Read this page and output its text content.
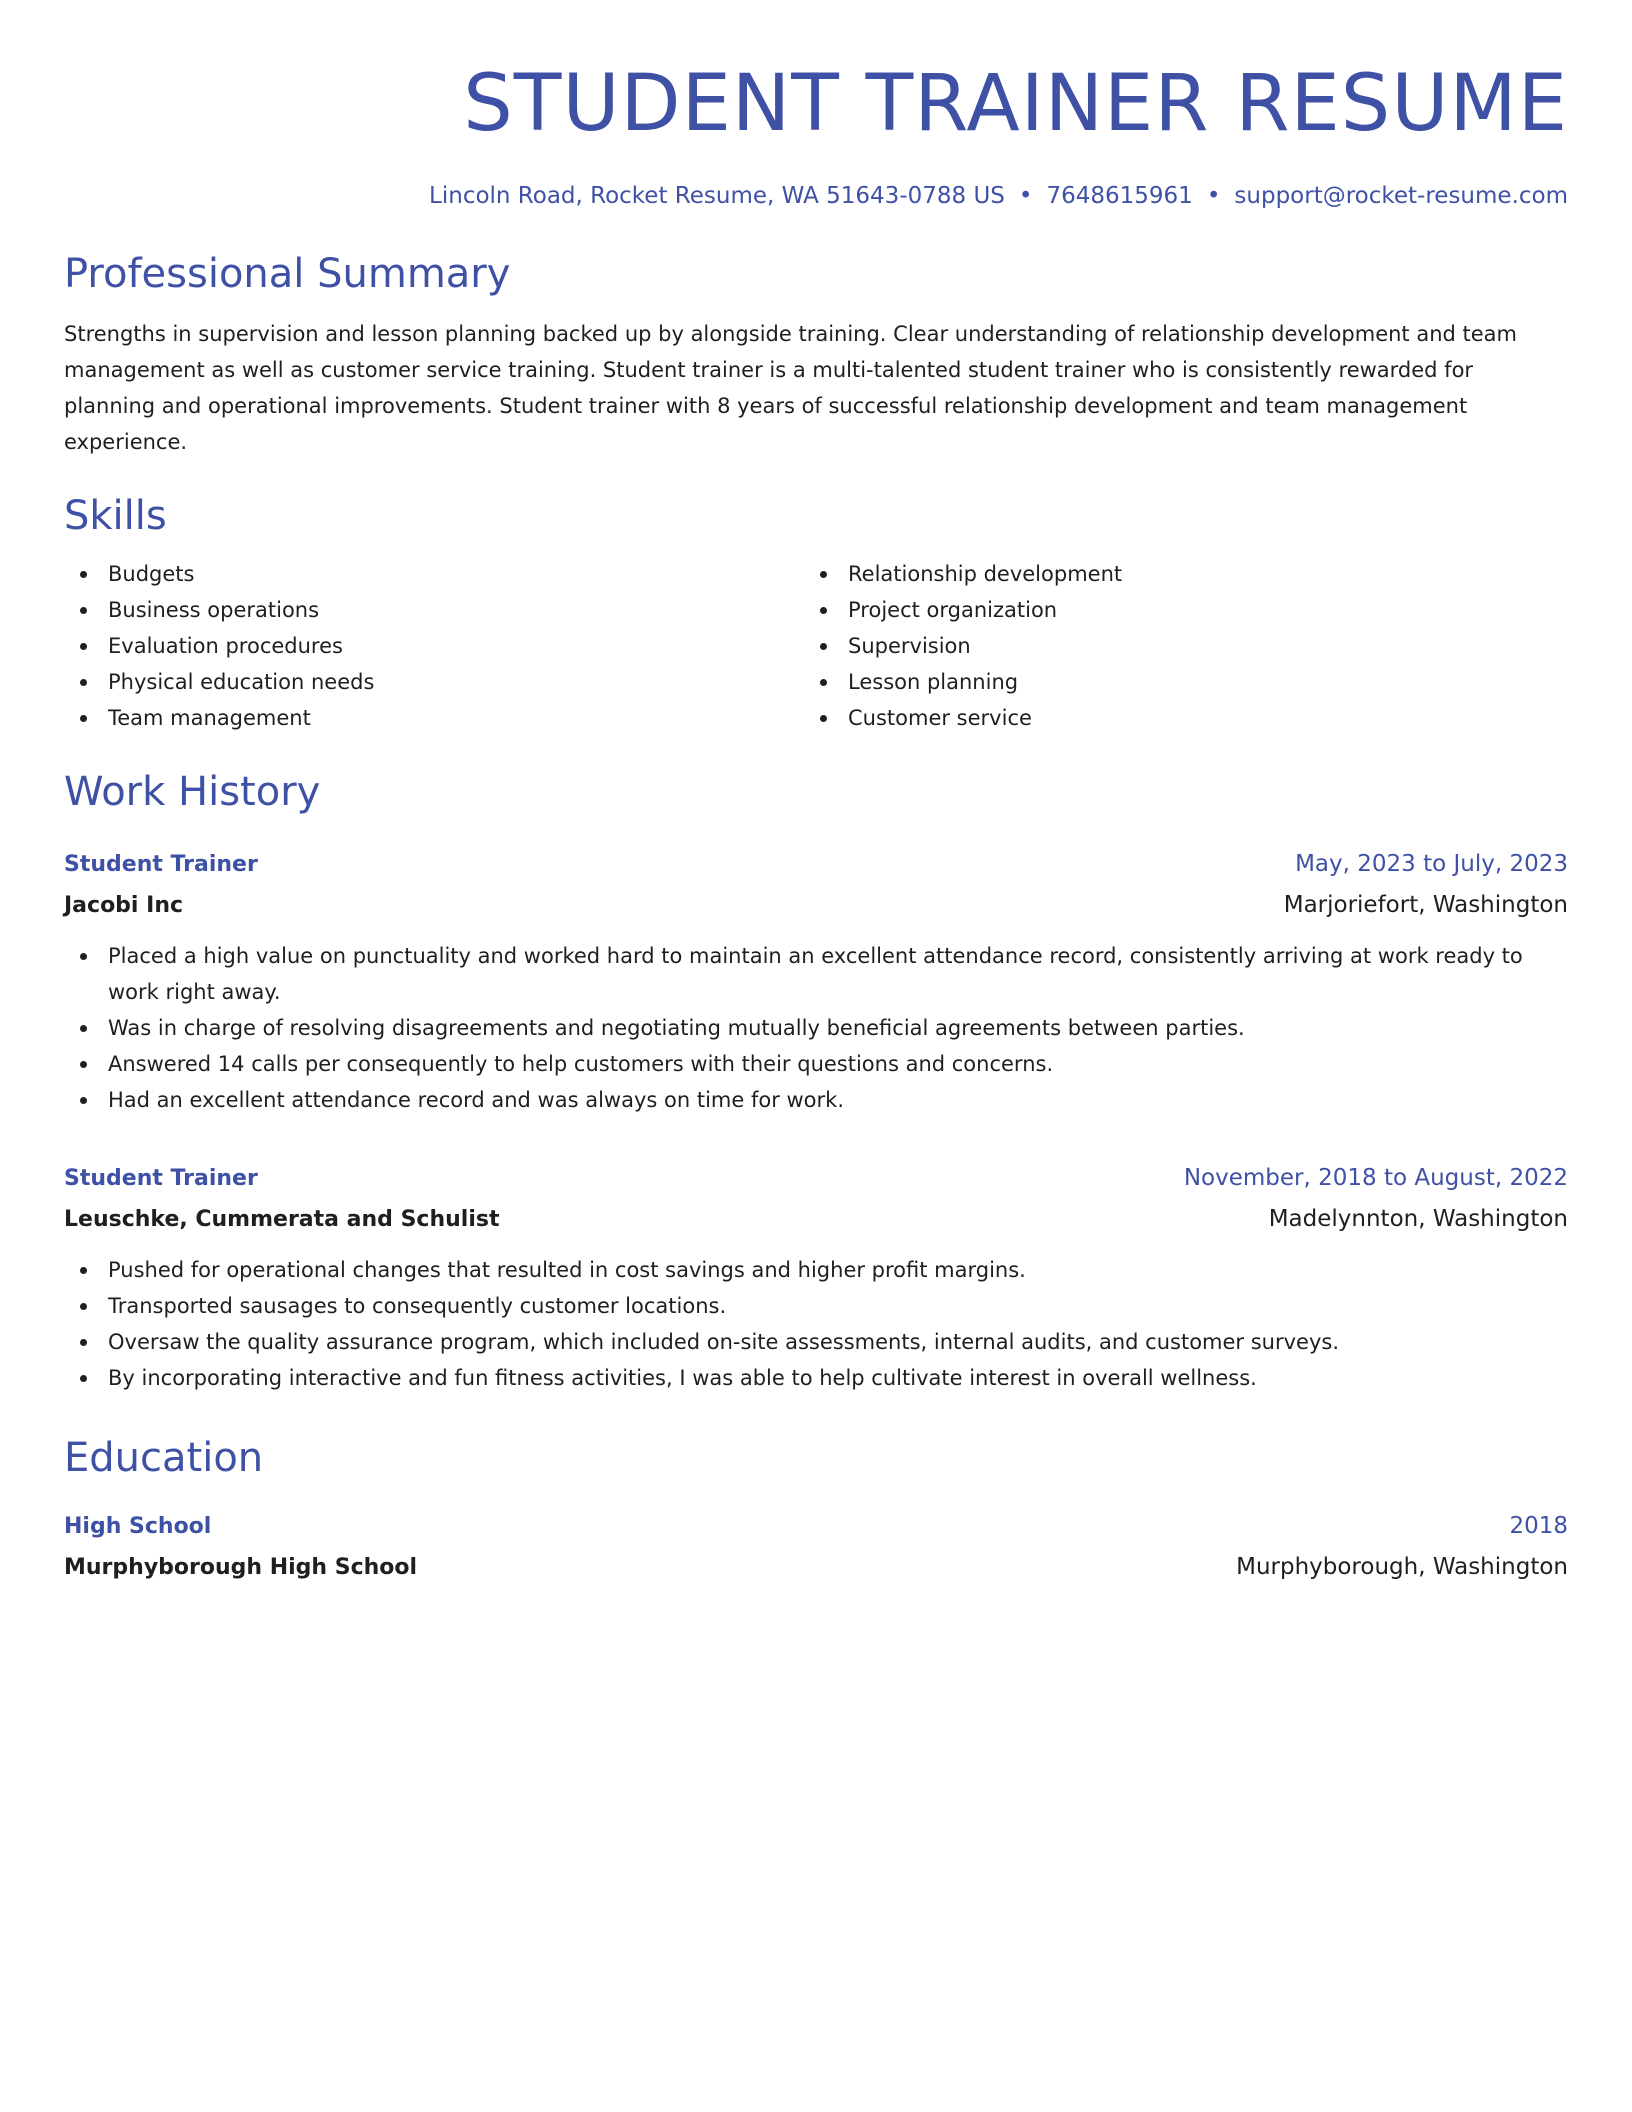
STUDENT TRAINER RESUME
Lincoln Road, Rocket Resume, WA 51643-0788 US • 7648615961 • support@rocket-resume.com
Professional Summary

Strengths in supervision and lesson planning backed up by alongside training. Clear understanding of relationship development and team management as well as customer service training. Student trainer is a multi-talented student trainer who is consistently rewarded for planning and operational improvements. Student trainer with 8 years of successful relationship development and team management experience.

Skills
Budgets
Business operations
Evaluation procedures
Physical education needs
Team management
Relationship development
Project organization
Supervision
Lesson planning
Customer service
Work History
Student Trainer	May, 2023 to July, 2023
Jacobi Inc	Marjoriefort, Washington
Placed a high value on punctuality and worked hard to maintain an excellent attendance record, consistently arriving at work ready to work right away.
Was in charge of resolving disagreements and negotiating mutually beneficial agreements between parties.
Answered 14 calls per consequently to help customers with their questions and concerns.
Had an excellent attendance record and was always on time for work.
Student Trainer	November, 2018 to August, 2022
Leuschke, Cummerata and Schulist	Madelynnton, Washington
Pushed for operational changes that resulted in cost savings and higher profit margins.
Transported sausages to consequently customer locations.
Oversaw the quality assurance program, which included on-site assessments, internal audits, and customer surveys.
By incorporating interactive and fun fitness activities, I was able to help cultivate interest in overall wellness.
Education
High School	2018
Murphyborough High School	Murphyborough, Washington
